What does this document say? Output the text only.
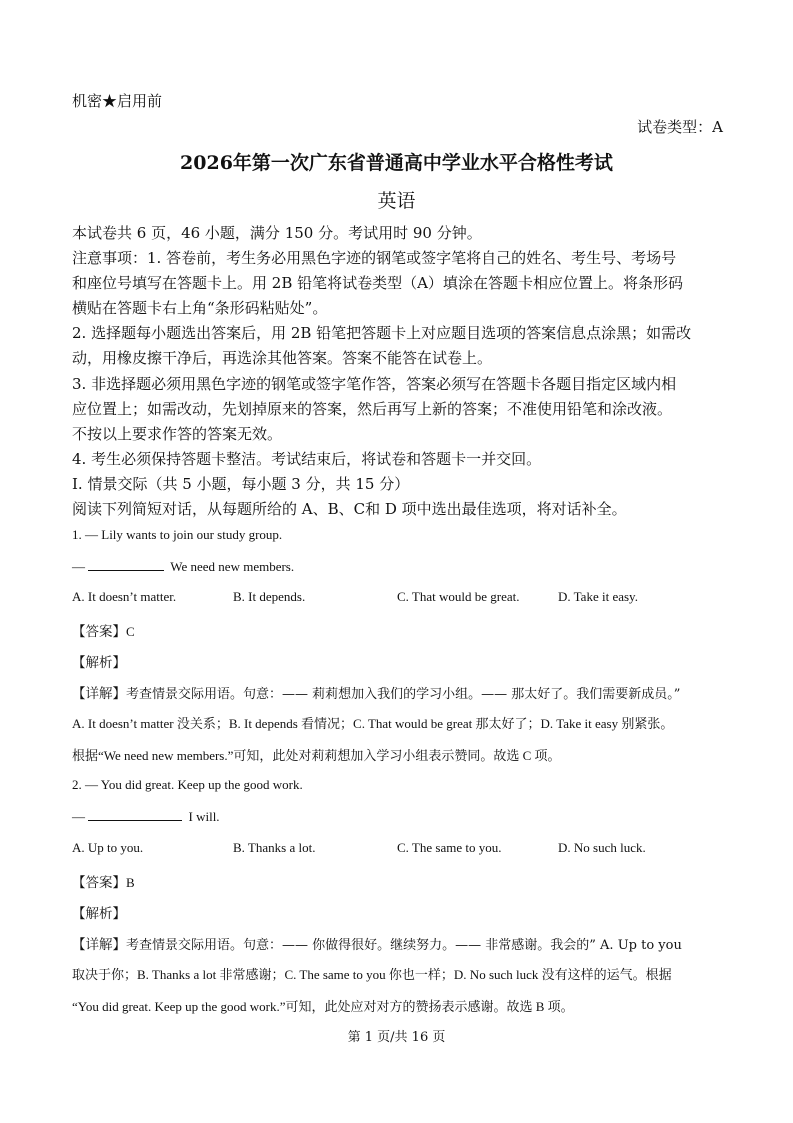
机密★启用前
试卷类型：A
2026年第一次广东省普通高中学业水平合格性考试
英语
本试卷共 6 页，46 小题，满分 150 分。考试用时 90 分钟。
注意事项：1. 答卷前，考生务必用黑色字迹的钢笔或签字笔将自己的姓名、考生号、考场号
和座位号填写在答题卡上。用 2B 铅笔将试卷类型（A）填涂在答题卡相应位置上。将条形码
横贴在答题卡右上角“条形码粘贴处”。
2. 选择题每小题选出答案后，用 2B 铅笔把答题卡上对应题目选项的答案信息点涂黑；如需改
动，用橡皮擦干净后，再选涂其他答案。答案不能答在试卷上。
3. 非选择题必须用黑色字迹的钢笔或签字笔作答，答案必须写在答题卡各题目指定区域内相
应位置上；如需改动，先划掉原来的答案，然后再写上新的答案；不准使用铅笔和涂改液。
不按以上要求作答的答案无效。
4. 考生必须保持答题卡整洁。考试结束后，将试卷和答题卡一并交回。
Ⅰ. 情景交际（共 5 小题，每小题 3 分，共 15 分）
阅读下列简短对话，从每题所给的 A、B、C和 D 项中选出最佳选项，将对话补全。
1. — Lily wants to join our study group.
—	We need new members.
A. It doesn’t matter.	B. It depends.	C. That would be great.	D. Take it easy.
【答案】C
【解析】
【详解】考查情景交际用语。句意：—— 莉莉想加入我们的学习小组。—— 那太好了。我们需要新成员。”
A. It doesn’t matter 没关系；B. It depends 看情况；C. That would be great 那太好了；D. Take it easy 别紧张。
根据“We need new members.”可知，此处对莉莉想加入学习小组表示赞同。故选 C 项。
2. — You did great. Keep up the good work.
—	I will.
A. Up to you.	B. Thanks a lot.	C. The same to you.	D. No such luck.
【答案】B
【解析】
【详解】考查情景交际用语。句意：—— 你做得很好。继续努力。—— 非常感谢。我会的” A. Up to you
取决于你；B. Thanks a lot 非常感谢；C. The same to you 你也一样；D. No such luck 没有这样的运气。根据
“You did great. Keep up the good work.”可知，此处应对对方的赞扬表示感谢。故选 B 项。
第 1 页/共 16 页
